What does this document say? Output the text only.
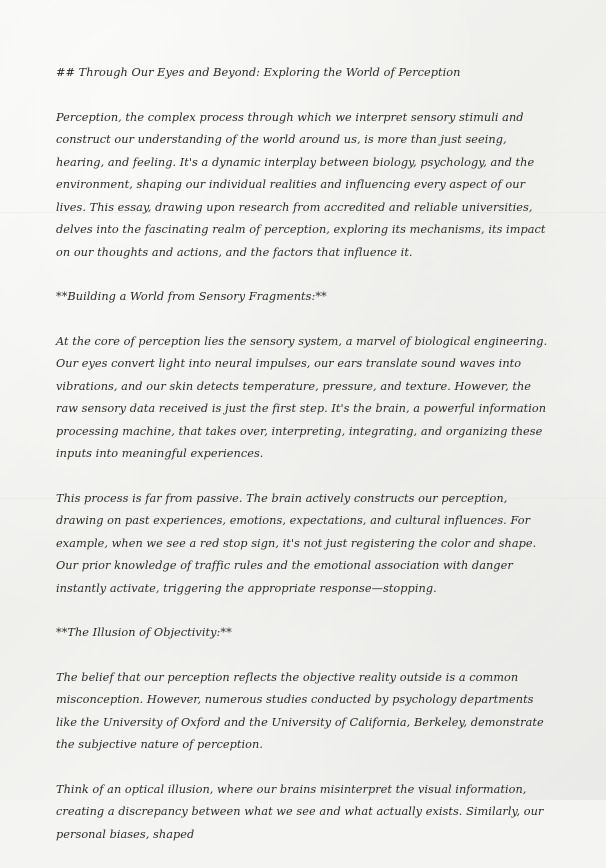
## Through Our Eyes and Beyond: Exploring the World of Perception
Perception, the complex process through which we interpret sensory stimuli and construct our understanding of the world around us, is more than just seeing, hearing, and feeling. It's a dynamic interplay between biology, psychology, and the environment, shaping our individual realities and influencing every aspect of our lives. This essay, drawing upon research from accredited and reliable universities, delves into the fascinating realm of perception, exploring its mechanisms, its impact on our thoughts and actions, and the factors that influence it.
**Building a World from Sensory Fragments:**
At the core of perception lies the sensory system, a marvel of biological engineering. Our eyes convert light into neural impulses, our ears translate sound waves into vibrations, and our skin detects temperature, pressure, and texture. However, the raw sensory data received is just the first step. It's the brain, a powerful information processing machine, that takes over, interpreting, integrating, and organizing these inputs into meaningful experiences.
This process is far from passive. The brain actively constructs our perception, drawing on past experiences, emotions, expectations, and cultural influences. For example, when we see a red stop sign, it's not just registering the color and shape. Our prior knowledge of traffic rules and the emotional association with danger instantly activate, triggering the appropriate response—stopping.
**The Illusion of Objectivity:**
The belief that our perception reflects the objective reality outside is a common misconception. However, numerous studies conducted by psychology departments like the University of Oxford and the University of California, Berkeley, demonstrate the subjective nature of perception.
Think of an optical illusion, where our brains misinterpret the visual information, creating a discrepancy between what we see and what actually exists. Similarly, our personal biases, shaped
